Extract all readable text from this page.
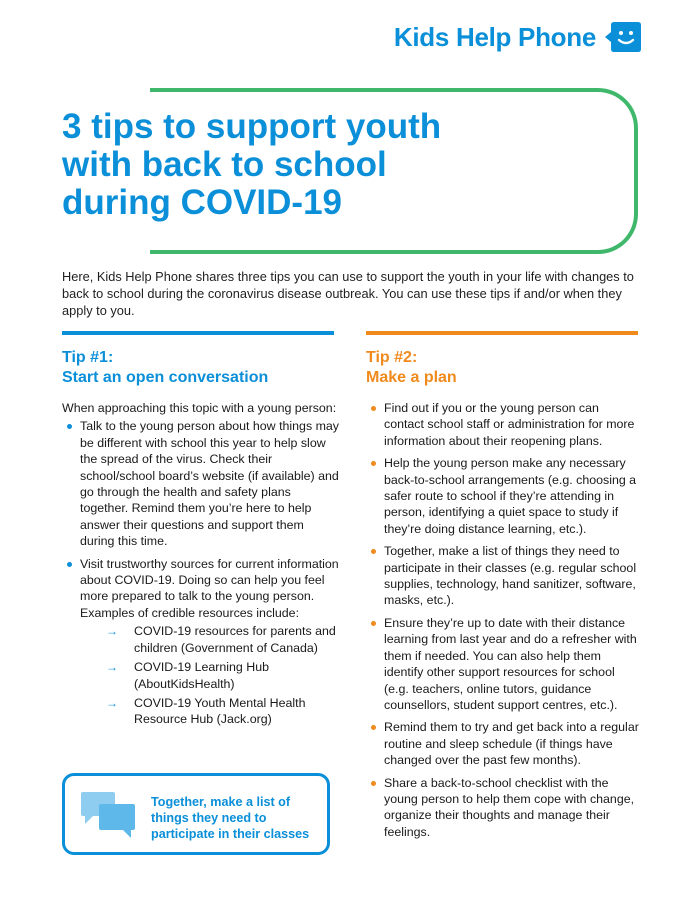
Kids Help Phone
3 tips to support youth
with back to school
during COVID-19

Here, Kids Help Phone shares three tips you can use to support the youth in your life with changes to back to school during the coronavirus disease outbreak. You can use these tips if and/or when they apply to you.

Tip #1:
Start an open conversation
Tip #2:
Make a plan

When approaching this topic with a young person:

Talk to the young person about how things may be different with school this year to help slow the spread of the virus. Check their school/school board’s website (if available) and go through the health and safety plans together. Remind them you’re here to help answer their questions and support them during this time.
Visit trustworthy sources for current information about COVID-19. Doing so can help you feel more prepared to talk to the young person. Examples of credible resources include:
→ COVID-19 resources for parents and children (Government of Canada)
→ COVID-19 Learning Hub (AboutKidsHealth)
→ COVID-19 Youth Mental Health Resource Hub (Jack.org)
Find out if you or the young person can contact school staff or administration for more information about their reopening plans.
Help the young person make any necessary back-to-school arrangements (e.g. choosing a safer route to school if they’re attending in person, identifying a quiet space to study if they’re doing distance learning, etc.).
Together, make a list of things they need to participate in their classes (e.g. regular school supplies, technology, hand sanitizer, software, masks, etc.).
Ensure they’re up to date with their distance learning from last year and do a refresher with them if needed. You can also help them identify other support resources for school (e.g. teachers, online tutors, guidance counsellors, student support centres, etc.).
Remind them to try and get back into a regular routine and sleep schedule (if things have changed over the past few months).
Share a back-to-school checklist with the young person to help them cope with change, organize their thoughts and manage their feelings.
Together, make a list of things they need to participate in their classes
